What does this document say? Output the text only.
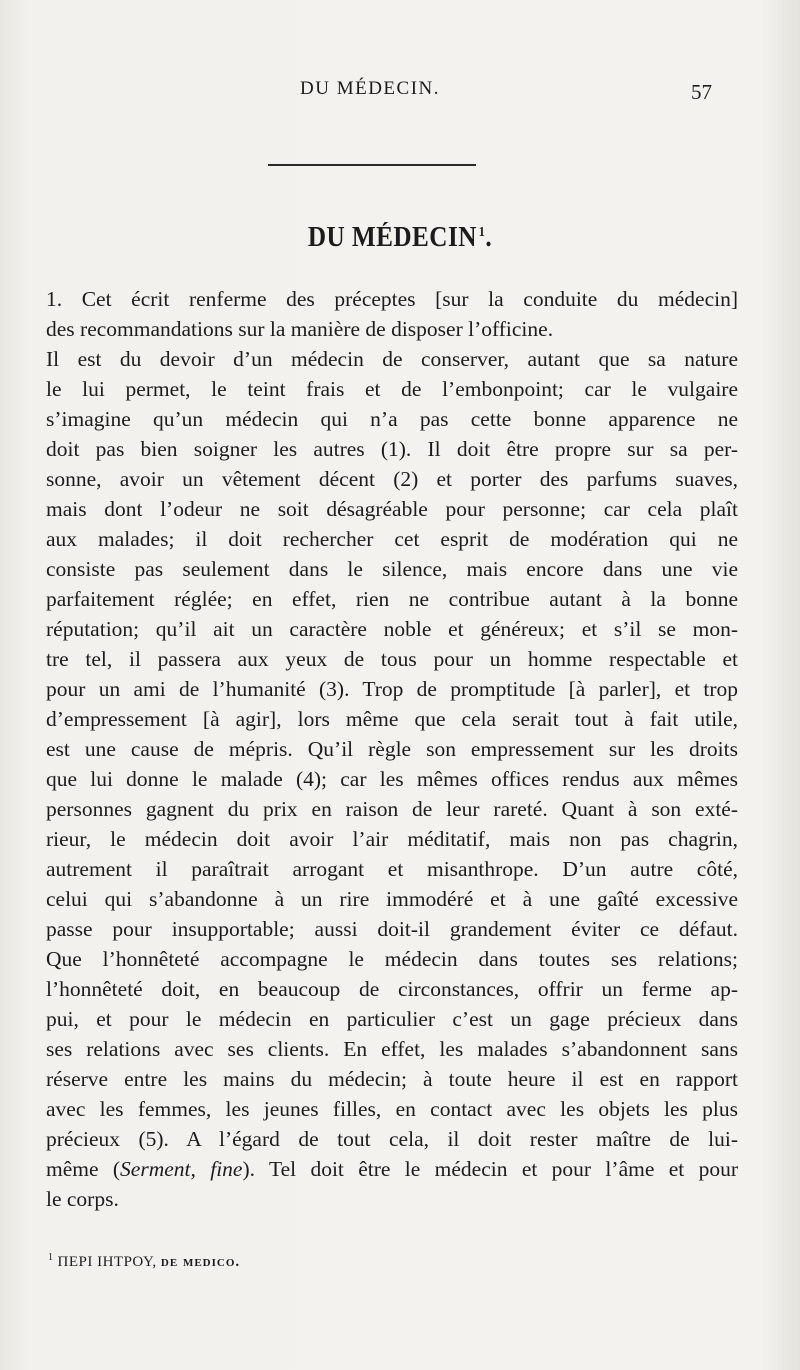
DU MÉDECIN.	57
DU MÉDECIN $^1$.
1. Cet écrit renferme des préceptes [sur la conduite du médecin]
des recommandations sur la manière de disposer l’officine.
Il est du devoir d’un médecin de conserver, autant que sa nature
le lui permet, le teint frais et de l’embonpoint; car le vulgaire
s’imagine qu’un médecin qui n’a pas cette bonne apparence ne
doit pas bien soigner les autres (1). Il doit être propre sur sa per-
sonne, avoir un vêtement décent (2) et porter des parfums suaves,
mais dont l’odeur ne soit désagréable pour personne; car cela plaît
aux malades; il doit rechercher cet esprit de modération qui ne
consiste pas seulement dans le silence, mais encore dans une vie
parfaitement réglée; en effet, rien ne contribue autant à la bonne
réputation; qu’il ait un caractère noble et généreux; et s’il se mon-
tre tel, il passera aux yeux de tous pour un homme respectable et
pour un ami de l’humanité (3). Trop de promptitude [à parler], et trop
d’empressement [à agir], lors même que cela serait tout à fait utile,
est une cause de mépris. Qu’il règle son empressement sur les droits
que lui donne le malade (4); car les mêmes offices rendus aux mêmes
personnes gagnent du prix en raison de leur rareté. Quant à son exté-
rieur, le médecin doit avoir l’air méditatif, mais non pas chagrin,
autrement il paraîtrait arrogant et misanthrope. D’un autre côté,
celui qui s’abandonne à un rire immodéré et à une gaîté excessive
passe pour insupportable; aussi doit-il grandement éviter ce défaut.
Que l’honnêteté accompagne le médecin dans toutes ses relations;
l’honnêteté doit, en beaucoup de circonstances, offrir un ferme ap-
pui, et pour le médecin en particulier c’est un gage précieux dans
ses relations avec ses clients. En effet, les malades s’abandonnent sans
réserve entre les mains du médecin; à toute heure il est en rapport
avec les femmes, les jeunes filles, en contact avec les objets les plus
précieux (5). A l’égard de tout cela, il doit rester maître de lui-
même (Serment, fine). Tel doit être le médecin et pour l’âme et pour
le corps.
$^1$ ΠΕΡΙ ΙΗΤΡΟΥ, de medico.
